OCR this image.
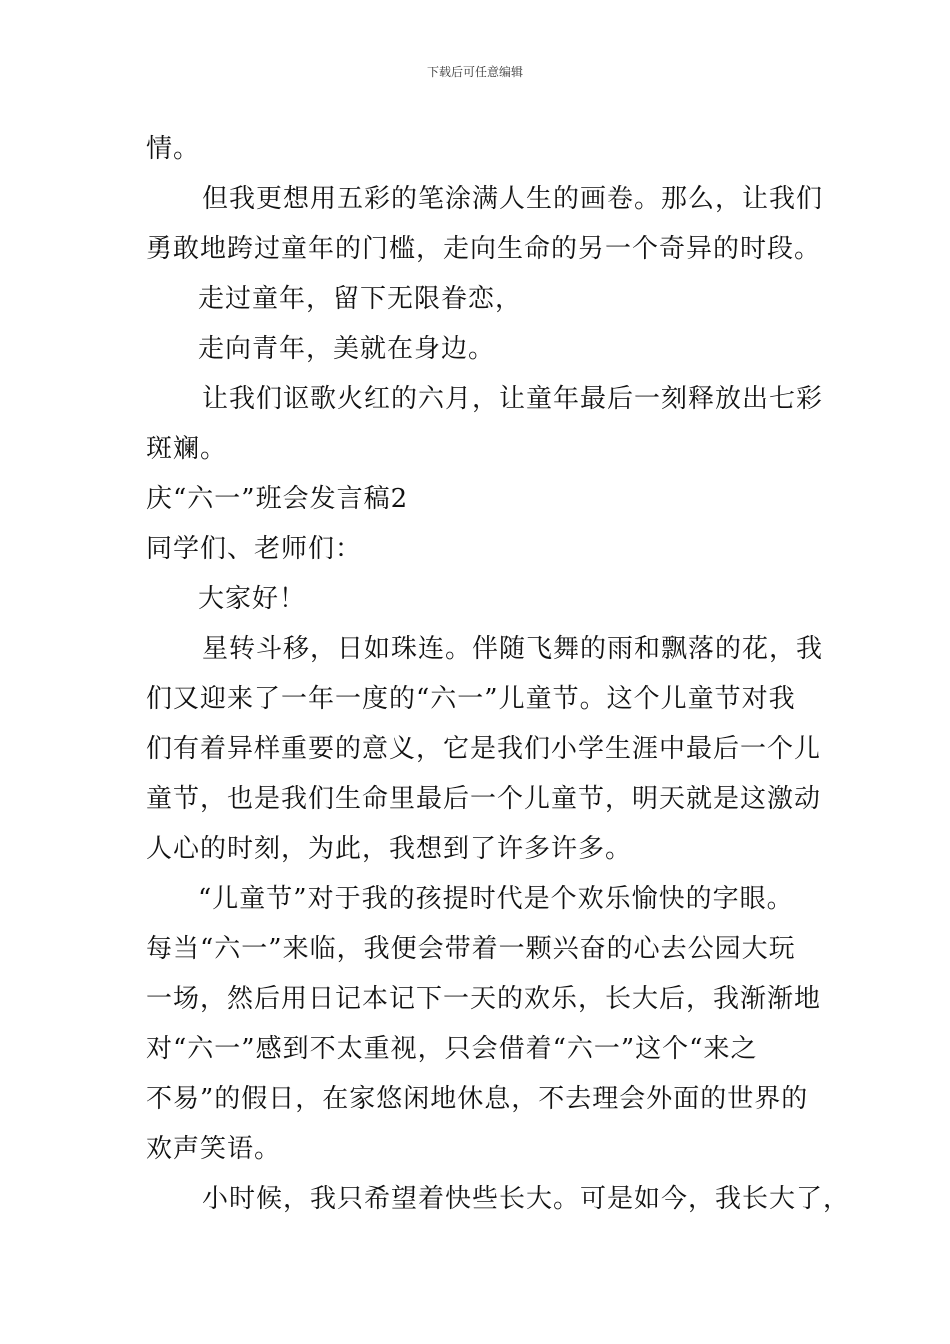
下载后可任意编辑
情。
但我更想用五彩的笔涂满人生的画卷。那么，让我们
勇敢地跨过童年的门槛，走向生命的另一个奇异的时段。
走过童年，留下无限眷恋，
走向青年，美就在身边。
让我们讴歌火红的六月，让童年最后一刻释放出七彩
斑斓。
庆“六一”班会发言稿2
同学们、老师们：
大家好！
星转斗移，日如珠连。伴随飞舞的雨和飘落的花，我
们又迎来了一年一度的“六一”儿童节。这个儿童节对我
们有着异样重要的意义，它是我们小学生涯中最后一个儿
童节，也是我们生命里最后一个儿童节，明天就是这激动
人心的时刻，为此，我想到了许多许多。
“儿童节”对于我的孩提时代是个欢乐愉快的字眼。
每当“六一”来临，我便会带着一颗兴奋的心去公园大玩
一场，然后用日记本记下一天的欢乐，长大后，我渐渐地
对“六一”感到不太重视，只会借着“六一”这个“来之
不易”的假日，在家悠闲地休息，不去理会外面的世界的
欢声笑语。
小时候，我只希望着快些长大。可是如今，我长大了，
